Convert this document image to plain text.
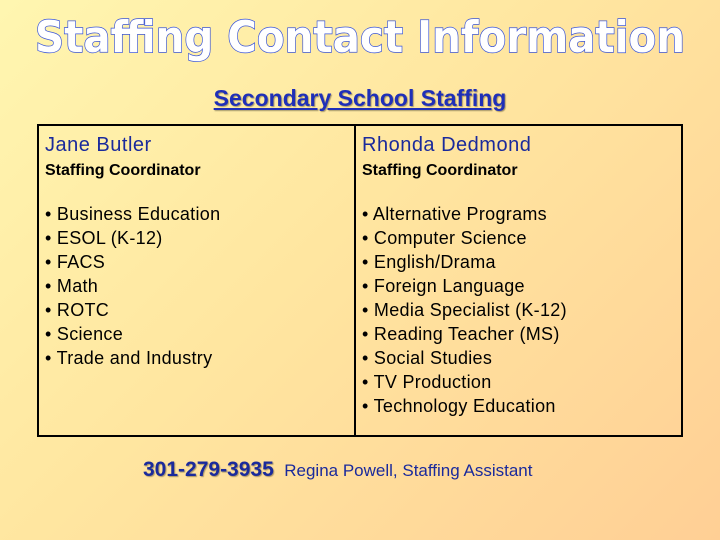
Staffing Contact Information
Secondary School Staffing

Jane Butler

Staffing Coordinator

• Business Education
• ESOL (K-12)
• FACS
• Math
• ROTC
• Science
• Trade and Industry

Rhonda Dedmond

Staffing Coordinator

• Alternative Programs
• Computer Science
• English/Drama
• Foreign Language
• Media Specialist (K-12)
• Reading Teacher (MS)
• Social Studies
• TV Production
• Technology Education
301-279-3935 Regina Powell, Staffing Assistant
